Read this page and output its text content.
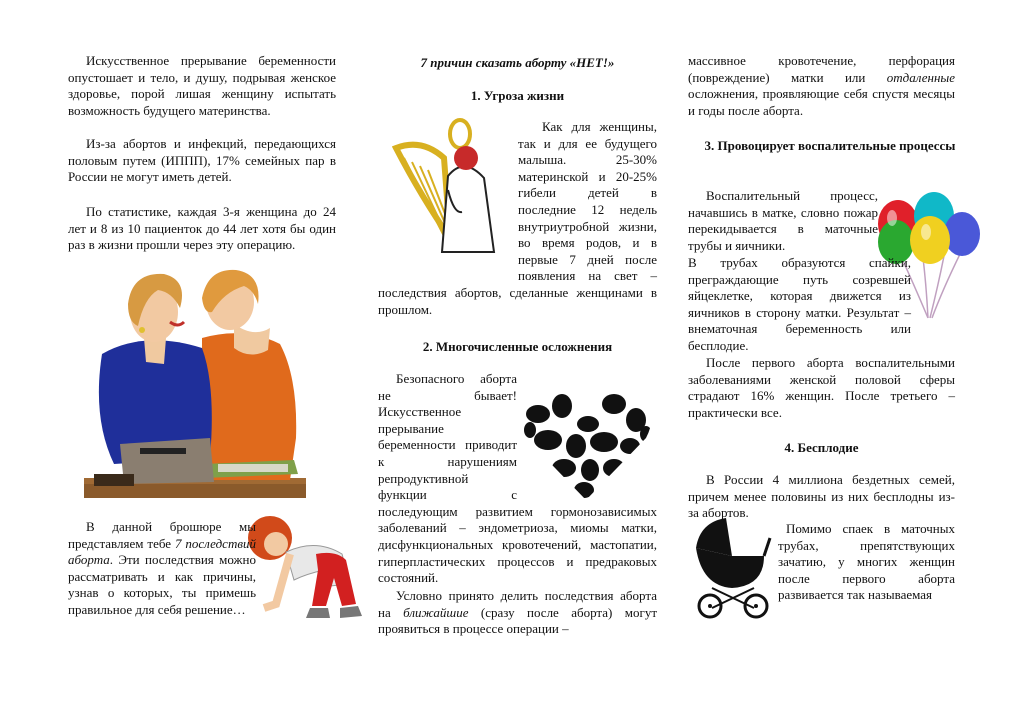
Искусственное прерывание беременности опустошает и тело, и душу, подрывая женское здоровье, порой лишая женщину испытать возможность будущего материнства.

Из-за абортов и инфекций, передающихся половым путем (ИППП), 17% семейных пар в России не могут иметь детей.

По статистике, каждая 3-я женщина до 24 лет и 8 из 10 пациенток до 44 лет хотя бы один раз в жизни прошли через эту операцию.

В данной брошюре мы представляем тебе 7 последствий аборта. Эти последствия можно рассматривать и как причины, узнав о которых, ты примешь правильное для себя решение…

7 причин сказать аборту «НЕТ!»

1. Угроза жизни

Как для женщины, так и для ее будущего малыша. 25-30% материнской и 20-25% гибели детей в последние 12 недель внутриутробной жизни, во время родов, и в первые 7 дней после появления на свет – последствия абортов, сделанные женщинами в прошлом.

2. Многочисленные осложнения

Безопасного аборта не бывает! Искусственное прерывание беременности приводит к нарушениям репродуктивной функции с последующим развитием гормонозависимых заболеваний – эндометриоза, миомы матки, дисфункциональных кровотечений, мастопатии, гиперпластических процессов и предраковых состояний.

Условно принято делить последствия аборта на ближайшие (сразу после аборта) могут проявиться в процессе операции –

массивное кровотечение, перфорация (повреждение) матки или отдаленные осложнения, проявляющие себя спустя месяцы и годы после аборта.

3. Провоцирует воспалительные процессы

Воспалительный процесс, начавшись в матке, словно пожар перекидывается в маточные трубы и яичники.

В трубах образуются спайки, преграждающие путь созревшей яйцеклетке, которая движется из яичников в сторону матки. Результат – внематочная беременность или бесплодие.

После первого аборта воспалительными заболеваниями женской половой сферы страдают 16% женщин. После третьего – практически все.

4. Бесплодие

В России 4 миллиона бездетных семей, причем менее половины из них бесплодны из-за абортов.

Помимо спаек в маточных трубах, препятствующих зачатию, у многих женщин после первого аборта развивается так называемая
